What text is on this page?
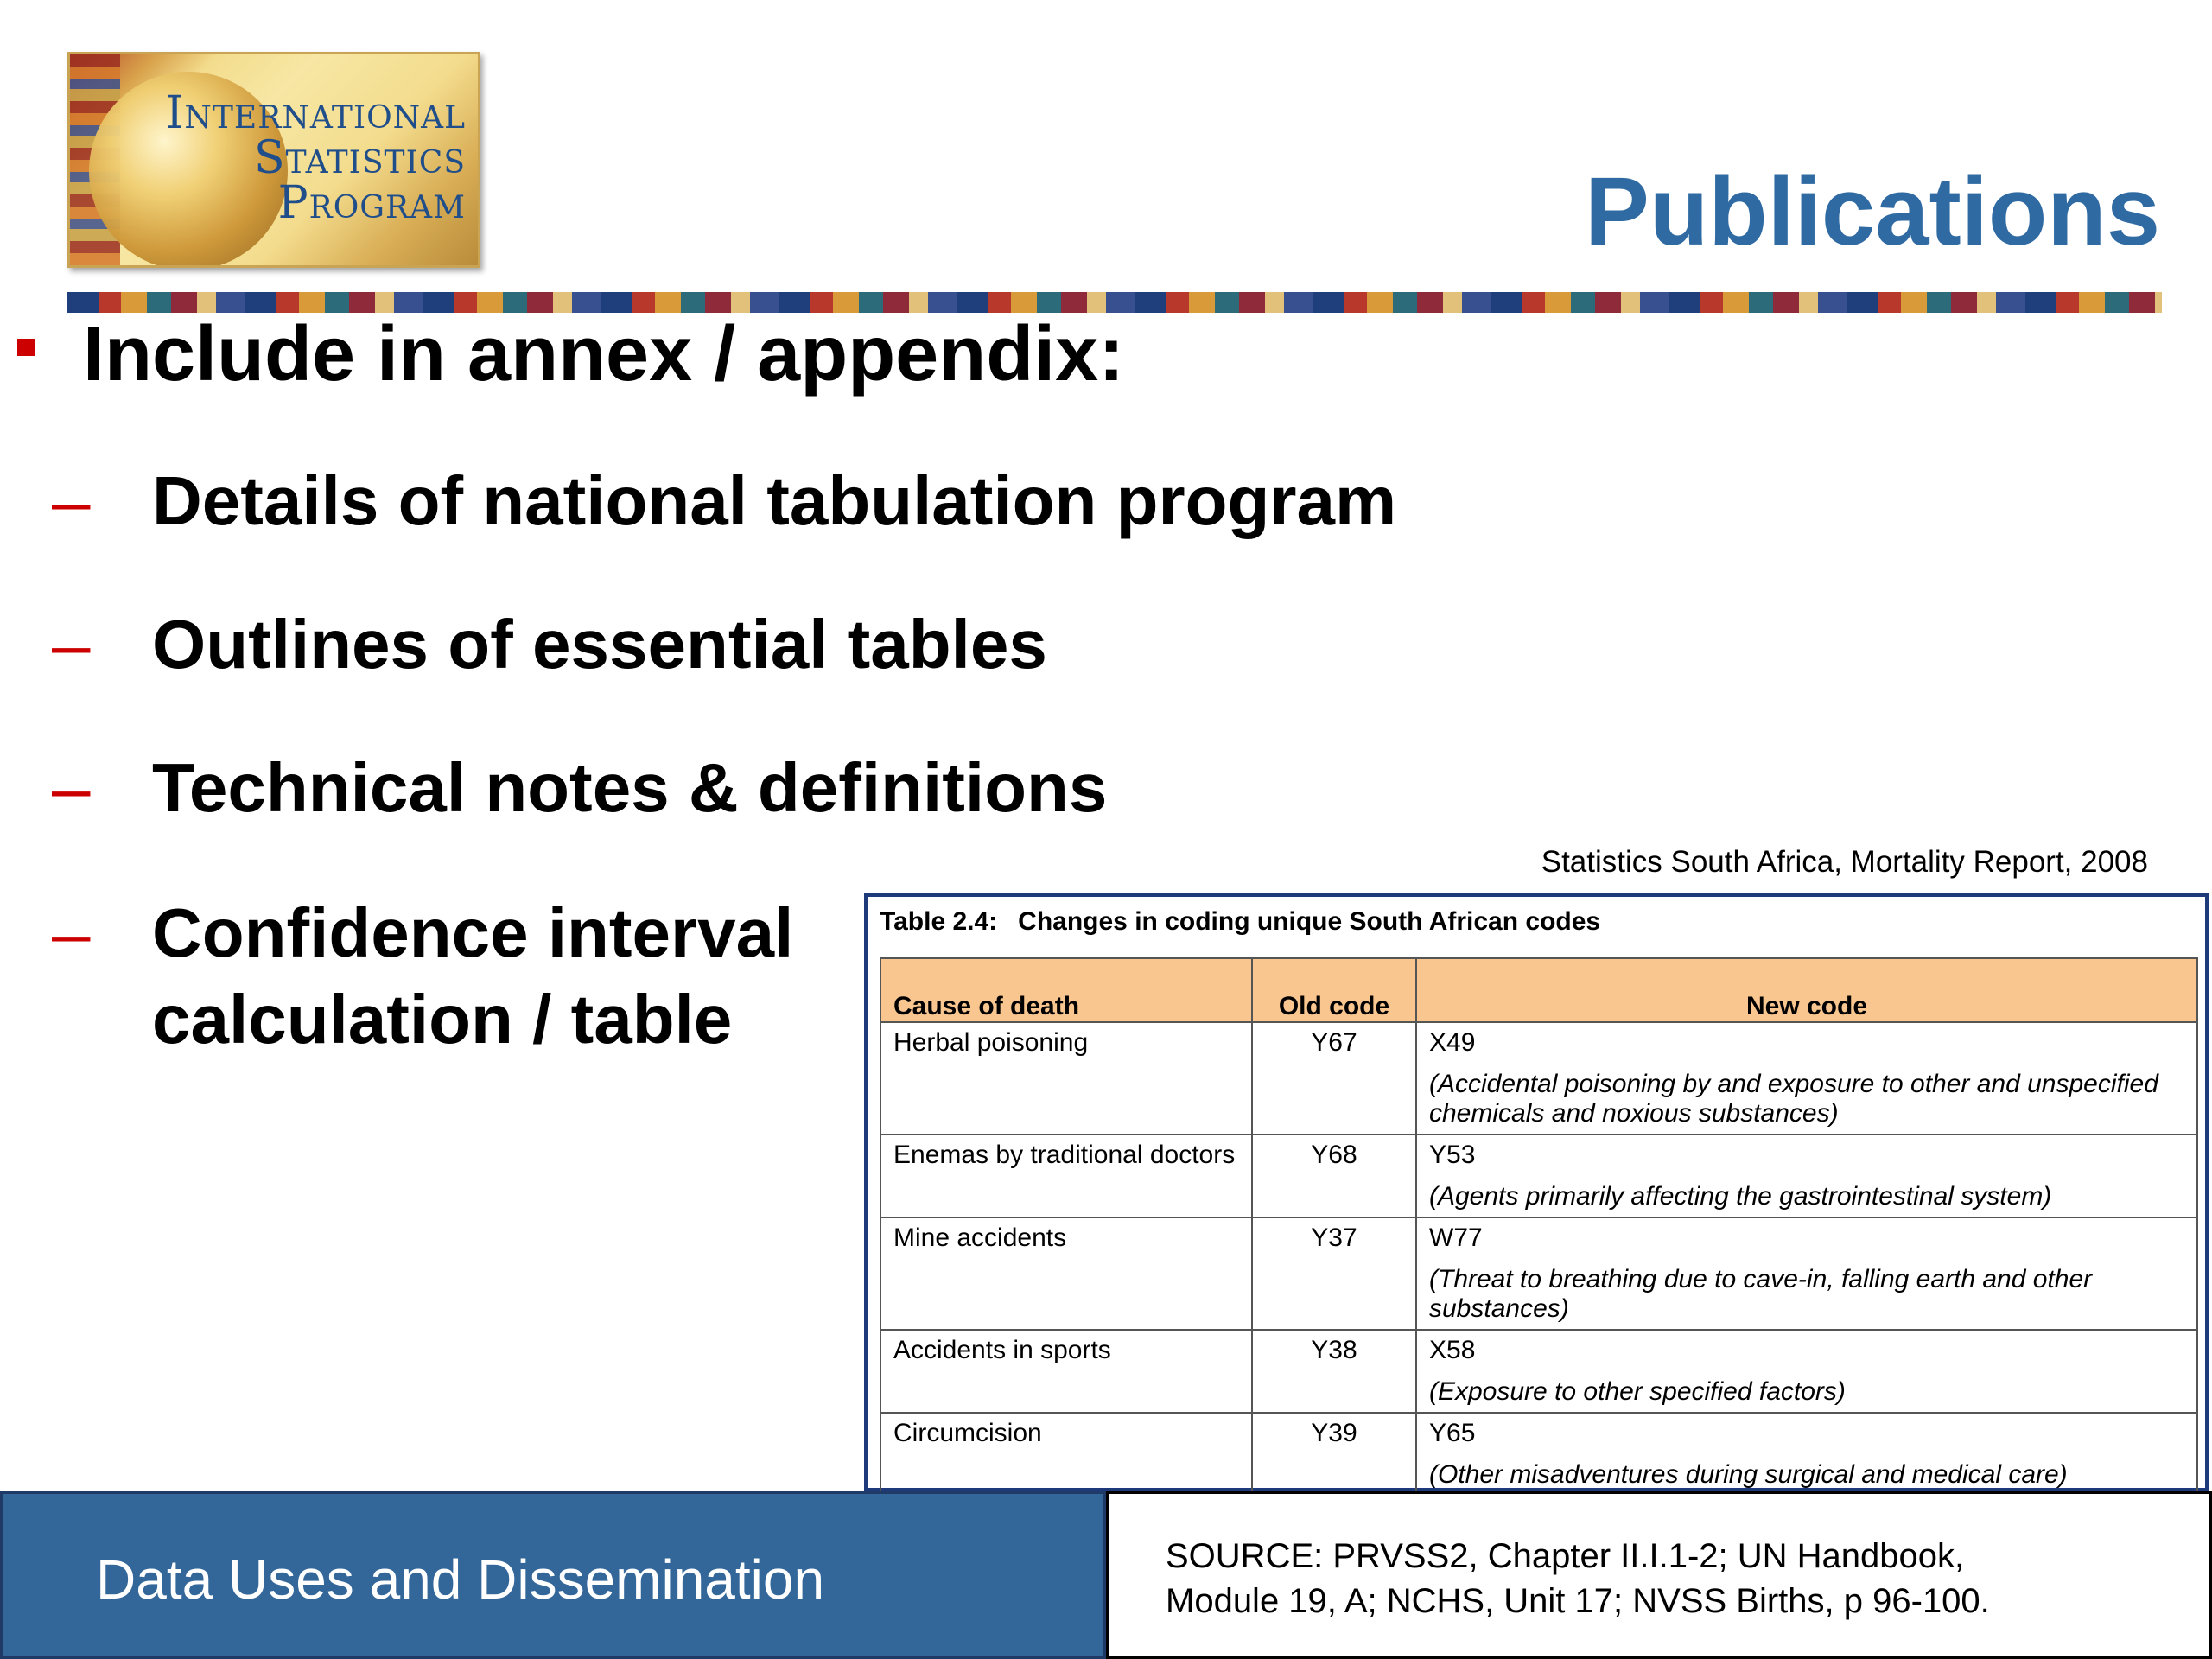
International
Statistics
Program	Publications
Include in annex / appendix:
– Details of national tabulation program
– Outlines of essential tables
– Technical notes & definitions
– Confidence interval
calculation / table
Statistics South Africa, Mortality Report, 2008
Table 2.4: Changes in coding unique South African codes
Cause of death	Old code	New code
Herbal poisoning	Y67	X49
(Accidental poisoning by and exposure to other and unspecified chemicals and noxious substances)

Enemas by traditional doctors	Y68	Y53
(Agents primarily affecting the gastrointestinal system)

Mine accidents	Y37	W77
(Threat to breathing due to cave-in, falling earth and other substances)

Accidents in sports	Y38	X58
(Exposure to other specified factors)

Circumcision	Y39	Y65
(Other misadventures during surgical and medical care)
Data Uses and Dissemination	SOURCE: PRVSS2, Chapter II.I.1-2; UN Handbook,
Module 19, A; NCHS, Unit 17; NVSS Births, p 96-100.
